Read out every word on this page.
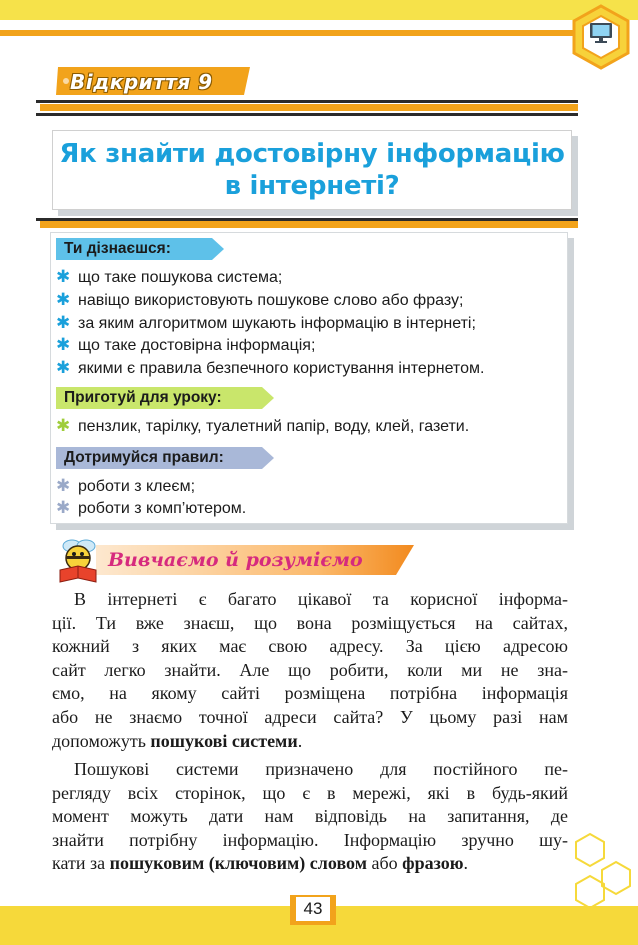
Відкриття 9
Як знайти достовірну інформацію
в інтернеті?
Ти дізнаєшся:
✱ що таке пошукова система;
✱ навіщо використовують пошукове слово або фразу;
✱ за яким алгоритмом шукають інформацію в інтернеті;
✱ що таке достовірна інформація;
✱ якими є правила безпечного користування інтернетом.
Приготуй для уроку:
✱ пензлик, тарілку, туалетний папір, воду, клей, газети.
Дотримуйся правил:
✱ роботи з клеєм;
✱ роботи з комп’ютером.
Вивчаємо й розуміємо
В інтернеті є багато цікавої та корисної інформа-
ції. Ти вже знаєш, що вона розміщується на сайтах,
кожний з яких має свою адресу. За цією адресою
сайт легко знайти. Але що робити, коли ми не зна-
ємо, на якому сайті розміщена потрібна інформація
або не знаємо точної адреси сайта? У цьому разі нам
допоможуть пошукові системи.
Пошукові системи призначено для постійного пе-
регляду всіх сторінок, що є в мережі, які в будь-який
момент можуть дати нам відповідь на запитання, де
знайти потрібну інформацію. Інформацію зручно шу-
кати за пошуковим (ключовим) словом або фразою.
43
